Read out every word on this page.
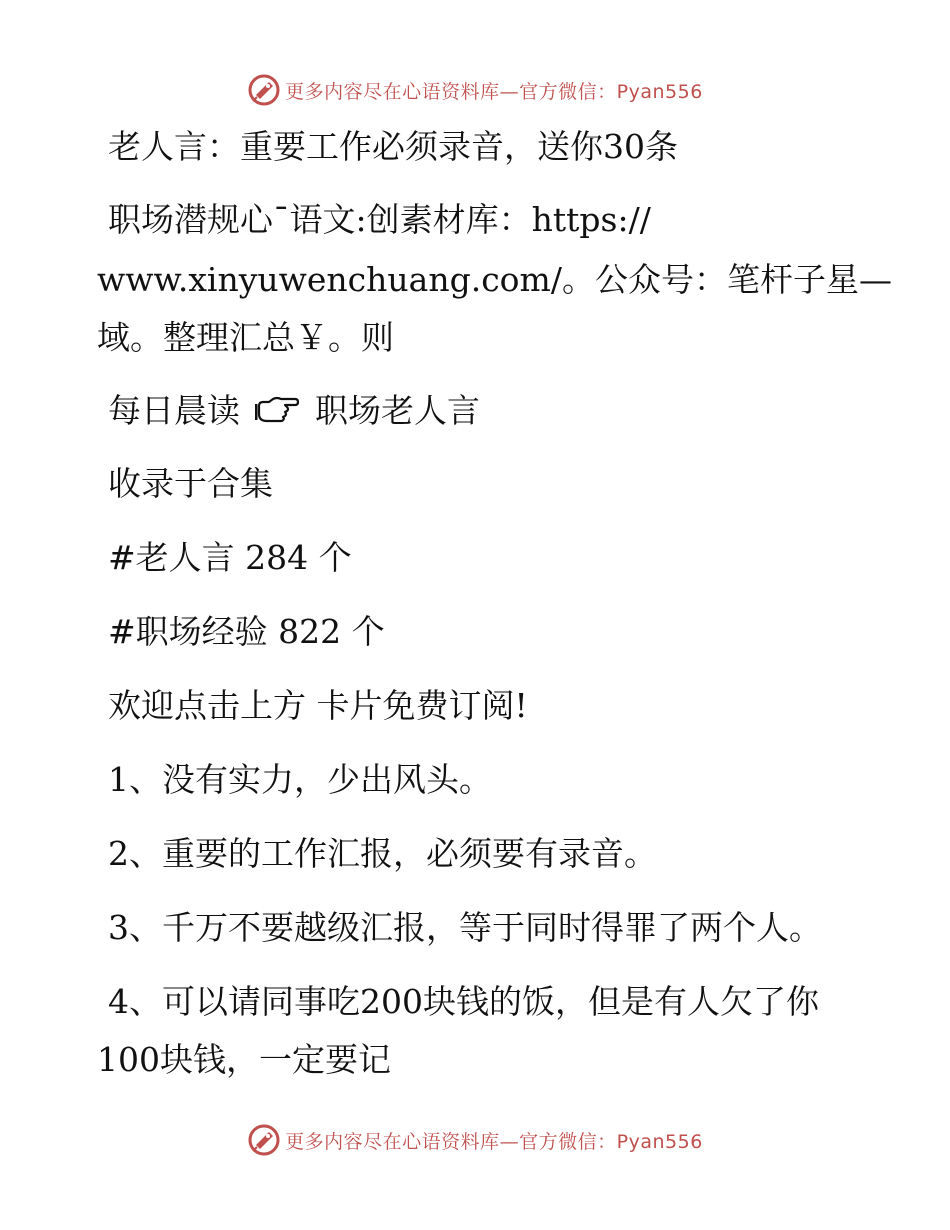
更多内容尽在心语资料库—官方微信：Pyan556
老人言：重要工作必须录音，送你30条
职场潜规心¯语文:创素材库：https://
www.xinyuwenchuang.com/。公众号：笔杆子星—
域。整理汇总￥。则
每日晨读 职场老人言
收录于合集
#老人言 284 个
#职场经验 822 个
欢迎点击上方 卡片免费订阅!
1、没有实力，少出风头。
2、重要的工作汇报，必须要有录音。
3、千万不要越级汇报，等于同时得罪了两个人。
4、可以请同事吃200块钱的饭，但是有人欠了你
100块钱，一定要记
更多内容尽在心语资料库—官方微信：Pyan556
